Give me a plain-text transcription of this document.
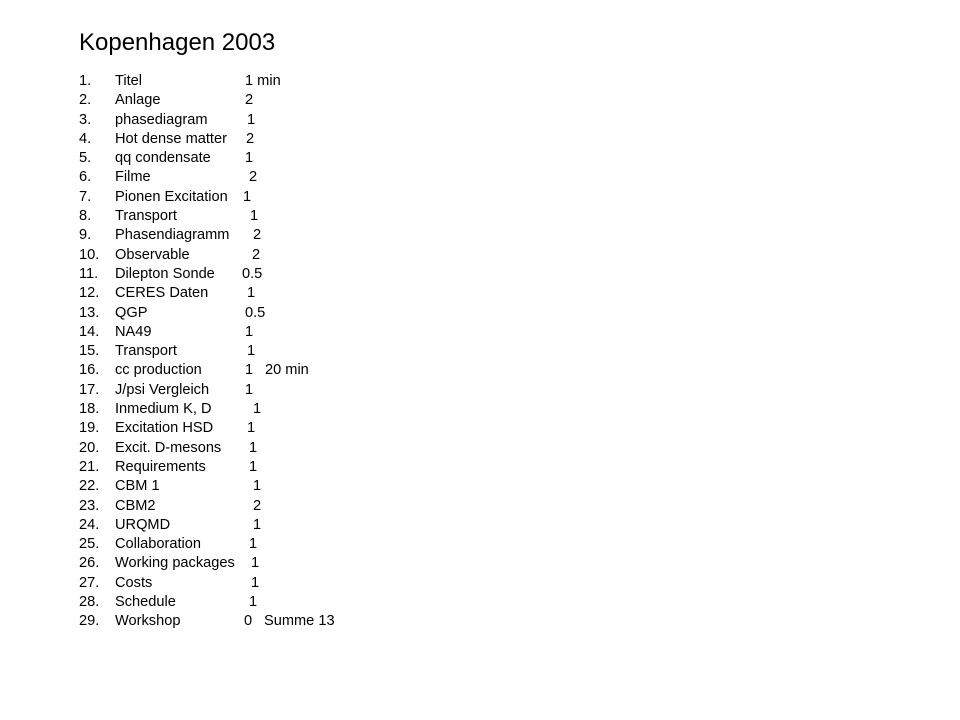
Kopenhagen 2003
1. Titel	1 min
2. Anlage	2
3. phasediagram	1
4. Hot dense matter 2
5. qq condensate 1
6. Filme	2
7. Pionen Excitation 1
8. Transport	1
9. Phasendiagramm 2
10. Observable	2
11. Dilepton Sonde 0.5
12. CERES Daten	1
13. QGP	0.5
14. NA49	1
15. Transport	1
16. cc production	1 20 min
17. J/psi Vergleich 1
18. Inmedium K, D	1
19. Excitation HSD 1
20. Excit. D-mesons 1
21. Requirements	1
22. CBM 1	1
23. CBM2	2
24. URQMD	1
25. Collaboration	1
26. Working packages 1
27. Costs	1
28. Schedule	1
29. Workshop	0 Summe 13
